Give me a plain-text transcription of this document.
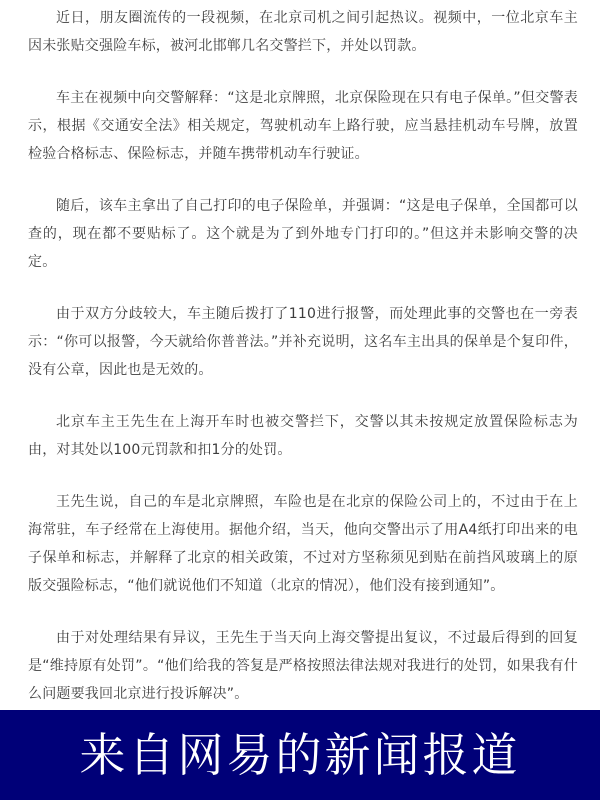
近日，朋友圈流传的一段视频，在北京司机之间引起热议。视频中，一位北京车主因未张贴交强险车标，被河北邯郸几名交警拦下，并处以罚款。

车主在视频中向交警解释：“这是北京牌照，北京保险现在只有电子保单。”但交警表示，根据《交通安全法》相关规定，驾驶机动车上路行驶，应当悬挂机动车号牌，放置检验合格标志、保险标志，并随车携带机动车行驶证。

随后，该车主拿出了自己打印的电子保险单，并强调：“这是电子保单，全国都可以查的，现在都不要贴标了。这个就是为了到外地专门打印的。”但这并未影响交警的决定。

由于双方分歧较大，车主随后拨打了110进行报警，而处理此事的交警也在一旁表示：“你可以报警，今天就给你普普法。”并补充说明，这名车主出具的保单是个复印件，没有公章，因此也是无效的。

北京车主王先生在上海开车时也被交警拦下，交警以其未按规定放置保险标志为由，对其处以100元罚款和扣1分的处罚。

王先生说，自己的车是北京牌照，车险也是在北京的保险公司上的，不过由于在上海常驻，车子经常在上海使用。据他介绍，当天，他向交警出示了用A4纸打印出来的电子保单和标志，并解释了北京的相关政策，不过对方坚称须见到贴在前挡风玻璃上的原版交强险标志，“他们就说他们不知道（北京的情况），他们没有接到通知”。

由于对处理结果有异议，王先生于当天向上海交警提出复议，不过最后得到的回复是“维持原有处罚”。“他们给我的答复是严格按照法律法规对我进行的处罚，如果我有什么问题要我回北京进行投诉解决”。

来自网易的新闻报道
